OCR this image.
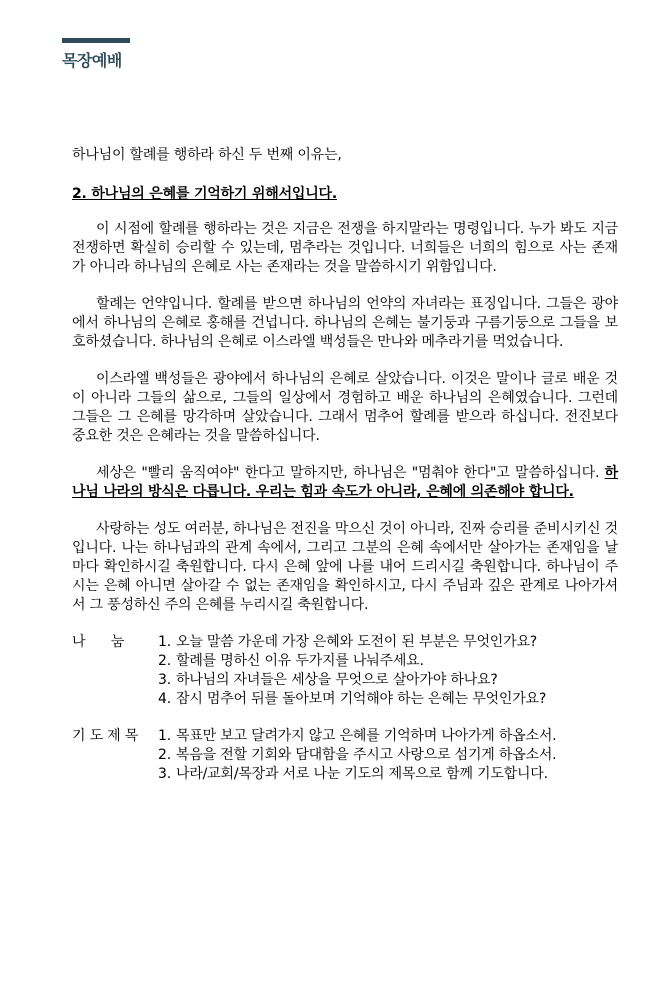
목장예배

하나님이 할례를 행하라 하신 두 번째 이유는,

2. 하나님의 은혜를 기억하기 위해서입니다.

이 시점에 할례를 행하라는 것은 지금은 전쟁을 하지말라는 명령입니다. 누가 봐도 지금 전쟁하면 확실히 승리할 수 있는데, 멈추라는 것입니다. 너희들은 너희의 힘으로 사는 존재가 아니라 하나님의 은혜로 사는 존재라는 것을 말씀하시기 위함입니다.

할례는 언약입니다. 할례를 받으면 하나님의 언약의 자녀라는 표징입니다. 그들은 광야에서 하나님의 은혜로 홍해를 건넙니다. 하나님의 은혜는 불기둥과 구름기둥으로 그들을 보호하셨습니다. 하나님의 은혜로 이스라엘 백성들은 만나와 메추라기를 먹었습니다.

이스라엘 백성들은 광야에서 하나님의 은혜로 살았습니다. 이것은 말이나 글로 배운 것이 아니라 그들의 삶으로, 그들의 일상에서 경험하고 배운 하나님의 은혜였습니다. 그런데 그들은 그 은혜를 망각하며 살았습니다. 그래서 멈추어 할례를 받으라 하십니다. 전진보다 중요한 것은 은혜라는 것을 말씀하십니다.

세상은 "빨리 움직여야" 한다고 말하지만, 하나님은 "멈춰야 한다"고 말씀하십니다. 하나님 나라의 방식은 다릅니다. 우리는 힘과 속도가 아니라, 은혜에 의존해야 합니다.

사랑하는 성도 여러분, 하나님은 전진을 막으신 것이 아니라, 진짜 승리를 준비시키신 것입니다. 나는 하나님과의 관계 속에서, 그리고 그분의 은혜 속에서만 살아가는 존재임을 날마다 확인하시길 축원합니다. 다시 은혜 앞에 나를 내어 드리시길 축원합니다. 하나님이 주시는 은혜 아니면 살아갈 수 없는 존재임을 확인하시고, 다시 주님과 깊은 관계로 나아가셔서 그 풍성하신 주의 은혜를 누리시길 축원합니다.

나      눔	1. 오늘 말씀 가운데 가장 은혜와 도전이 된 부분은 무엇인가요?
2. 할례를 명하신 이유 두가지를 나눠주세요.
3. 하나님의 자녀들은 세상을 무엇으로 살아가야 하나요?
4. 잠시 멈추어 뒤를 돌아보며 기억해야 하는 은혜는 무엇인가요?
기 도 제 목	1. 목표만 보고 달려가지 않고 은혜를 기억하며 나아가게 하옵소서.
2. 복음을 전할 기회와 담대함을 주시고 사랑으로 섬기게 하옵소서.
3. 나라/교회/목장과 서로 나눈 기도의 제목으로 함께 기도합니다.
